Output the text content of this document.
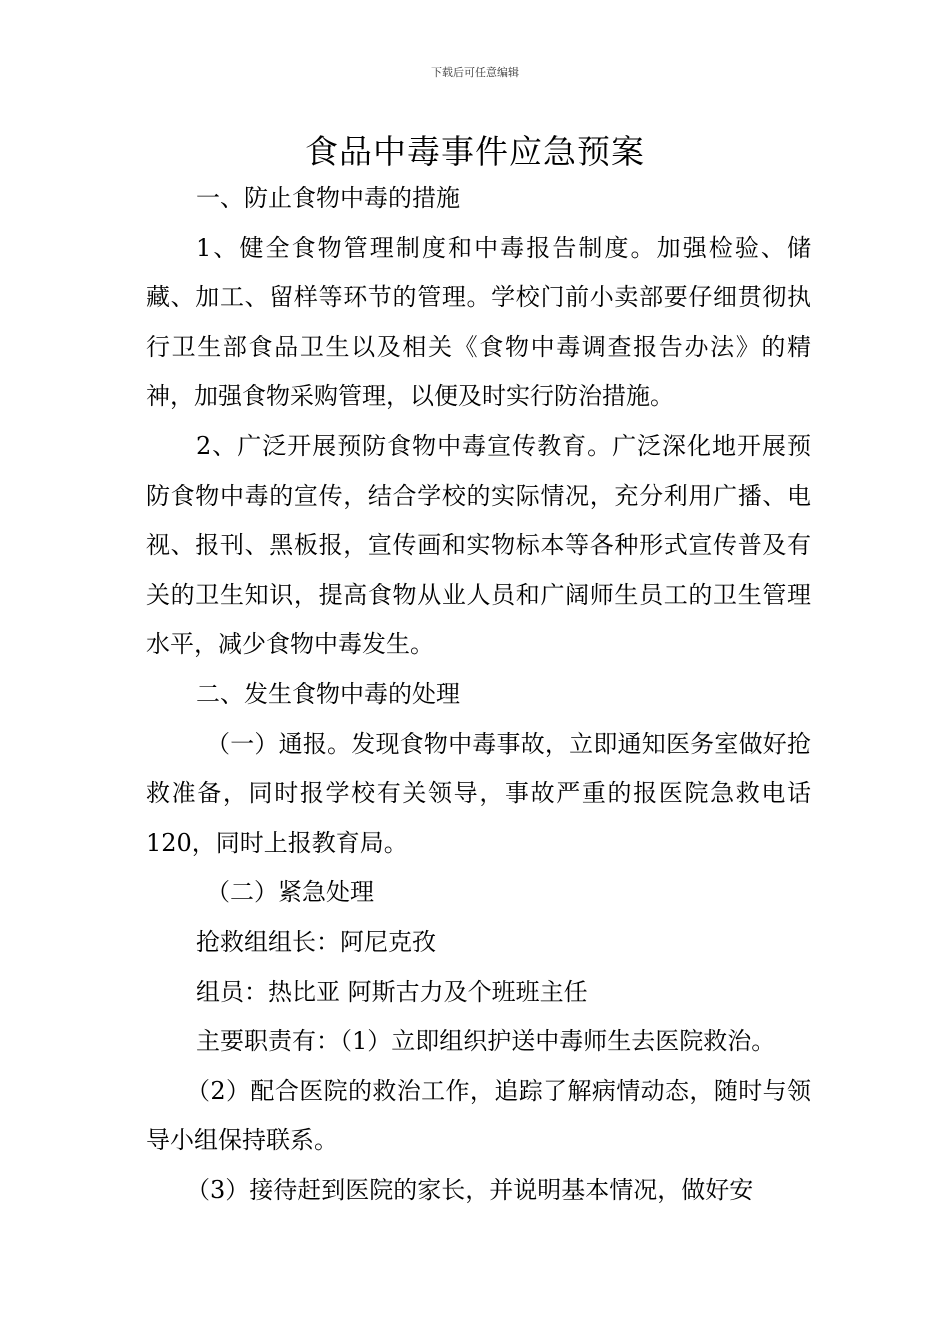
下载后可任意编辑
食品中毒事件应急预案

一、防止食物中毒的措施

1、健全食物管理制度和中毒报告制度。加强检验、储藏、加工、留样等环节的管理。学校门前小卖部要仔细贯彻执行卫生部食品卫生以及相关《食物中毒调查报告办法》的精神，加强食物采购管理，以便及时实行防治措施。

2、广泛开展预防食物中毒宣传教育。广泛深化地开展预防食物中毒的宣传，结合学校的实际情况，充分利用广播、电视、报刊、黑板报，宣传画和实物标本等各种形式宣传普及有关的卫生知识，提高食物从业人员和广阔师生员工的卫生管理水平，减少食物中毒发生。

二、发生食物中毒的处理

（一）通报。发现食物中毒事故，立即通知医务室做好抢救准备，同时报学校有关领导，事故严重的报医院急救电话120，同时上报教育局。

（二）紧急处理

抢救组组长：阿尼克孜

组员：热比亚 阿斯古力及个班班主任

主要职责有：（1）立即组织护送中毒师生去医院救治。

（2）配合医院的救治工作，追踪了解病情动态，随时与领导小组保持联系。

（3）接待赶到医院的家长，并说明基本情况，做好安
